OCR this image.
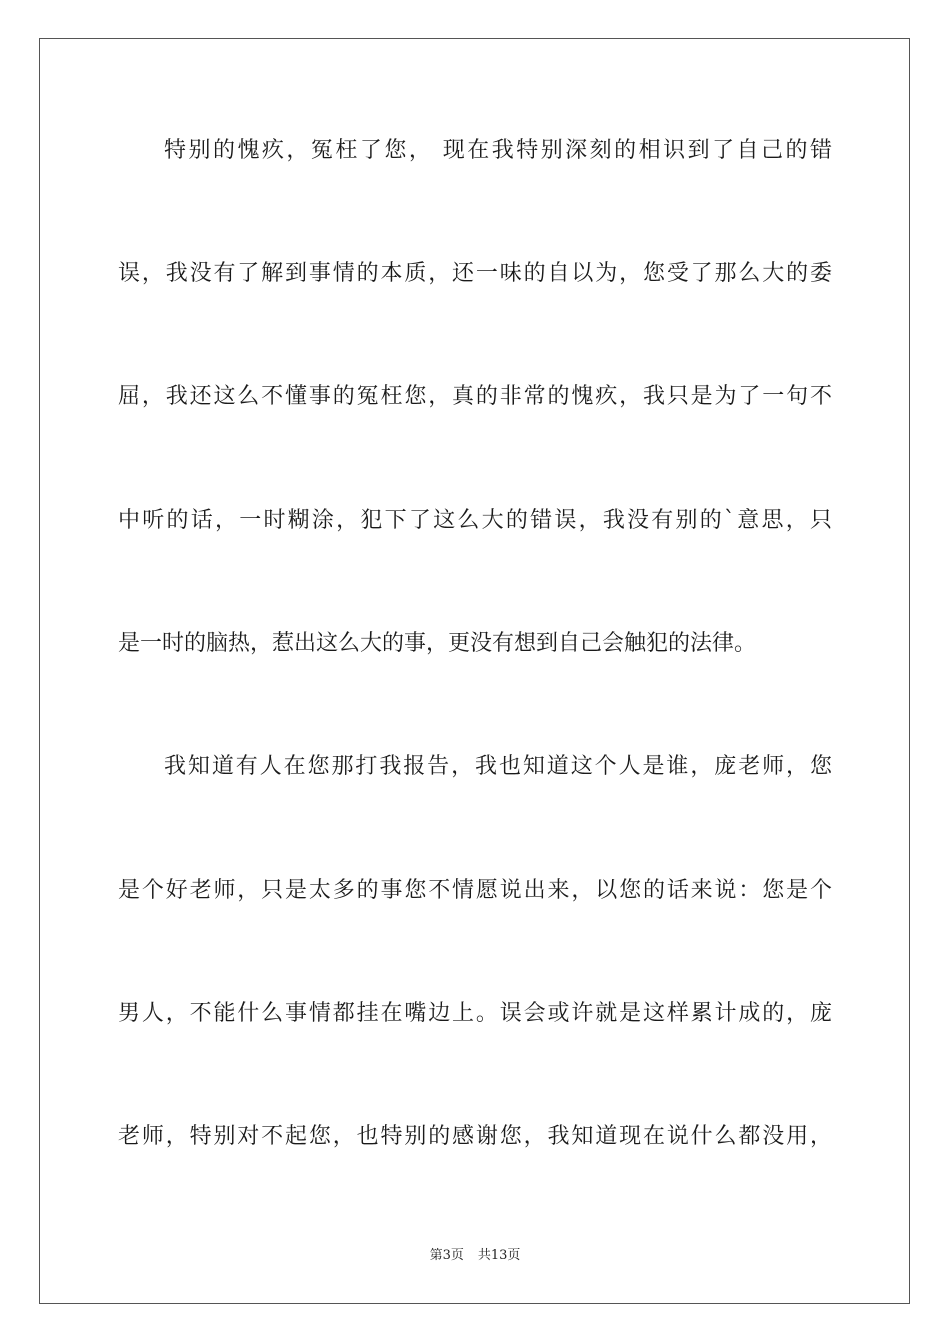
特别的愧疚，冤枉了您， 现在我特别深刻的相识到了自己的错
误，我没有了解到事情的本质，还一味的自以为，您受了那么大的委
屈，我还这么不懂事的冤枉您，真的非常的愧疚，我只是为了一句不
中听的话，一时糊涂，犯下了这么大的错误，我没有别的`意思，只
是一时的脑热，惹出这么大的事，更没有想到自己会触犯的法律。
我知道有人在您那打我报告，我也知道这个人是谁，庞老师，您
是个好老师，只是太多的事您不情愿说出来，以您的话来说：您是个
男人，不能什么事情都挂在嘴边上。误会或许就是这样累计成的，庞
老师，特别对不起您，也特别的感谢您，我知道现在说什么都没用，
第3页 共13页
